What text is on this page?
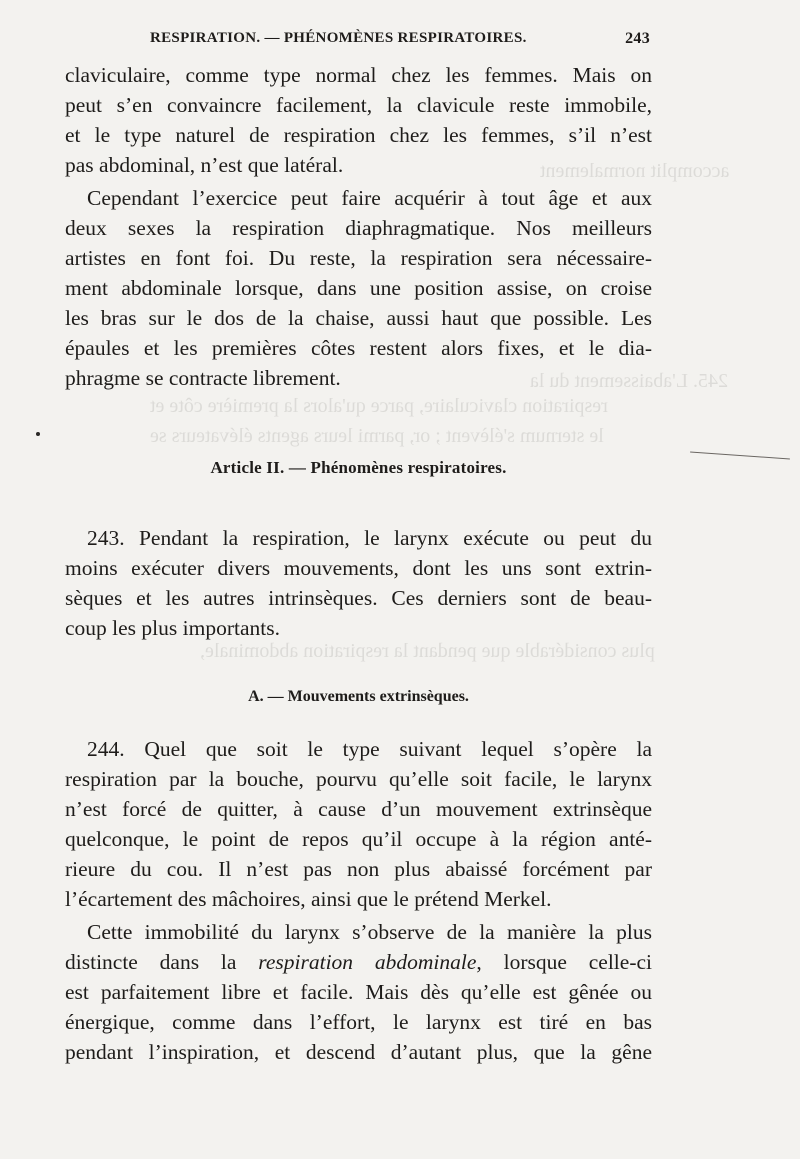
accomplit normalement
245. L'abaissement du la
respiration claviculaire, parce qu'alors la première côte et
le sternum s'élèvent ; or, parmi leurs agents élévateurs se
plus considérable que pendant la respiration abdominale,
RESPIRATION. — PHÉNOMÈNES RESPIRATOIRES.	243
claviculaire, comme type normal chez les femmes. Mais on
peut s’en convaincre facilement, la clavicule reste immobile,
et le type naturel de respiration chez les femmes, s’il n’est
pas abdominal, n’est que latéral.
Cependant l’exercice peut faire acquérir à tout âge et aux
deux sexes la respiration diaphragmatique. Nos meilleurs
artistes en font foi. Du reste, la respiration sera nécessaire-
ment abdominale lorsque, dans une position assise, on croise
les bras sur le dos de la chaise, aussi haut que possible. Les
épaules et les premières côtes restent alors fixes, et le dia-
phragme se contracte librement.
Article II. — Phénomènes respiratoires.
243. Pendant la respiration, le larynx exécute ou peut du
moins exécuter divers mouvements, dont les uns sont extrin-
sèques et les autres intrinsèques. Ces derniers sont de beau-
coup les plus importants.
A. — Mouvements extrinsèques.
244. Quel que soit le type suivant lequel s’opère la
respiration par la bouche, pourvu qu’elle soit facile, le larynx
n’est forcé de quitter, à cause d’un mouvement extrinsèque
quelconque, le point de repos qu’il occupe à la région anté-
rieure du cou. Il n’est pas non plus abaissé forcément par
l’écartement des mâchoires, ainsi que le prétend Merkel.
Cette immobilité du larynx s’observe de la manière la plus
distincte dans la respiration abdominale, lorsque celle-ci
est parfaitement libre et facile. Mais dès qu’elle est gênée ou
énergique, comme dans l’effort, le larynx est tiré en bas
pendant l’inspiration, et descend d’autant plus, que la gêne
